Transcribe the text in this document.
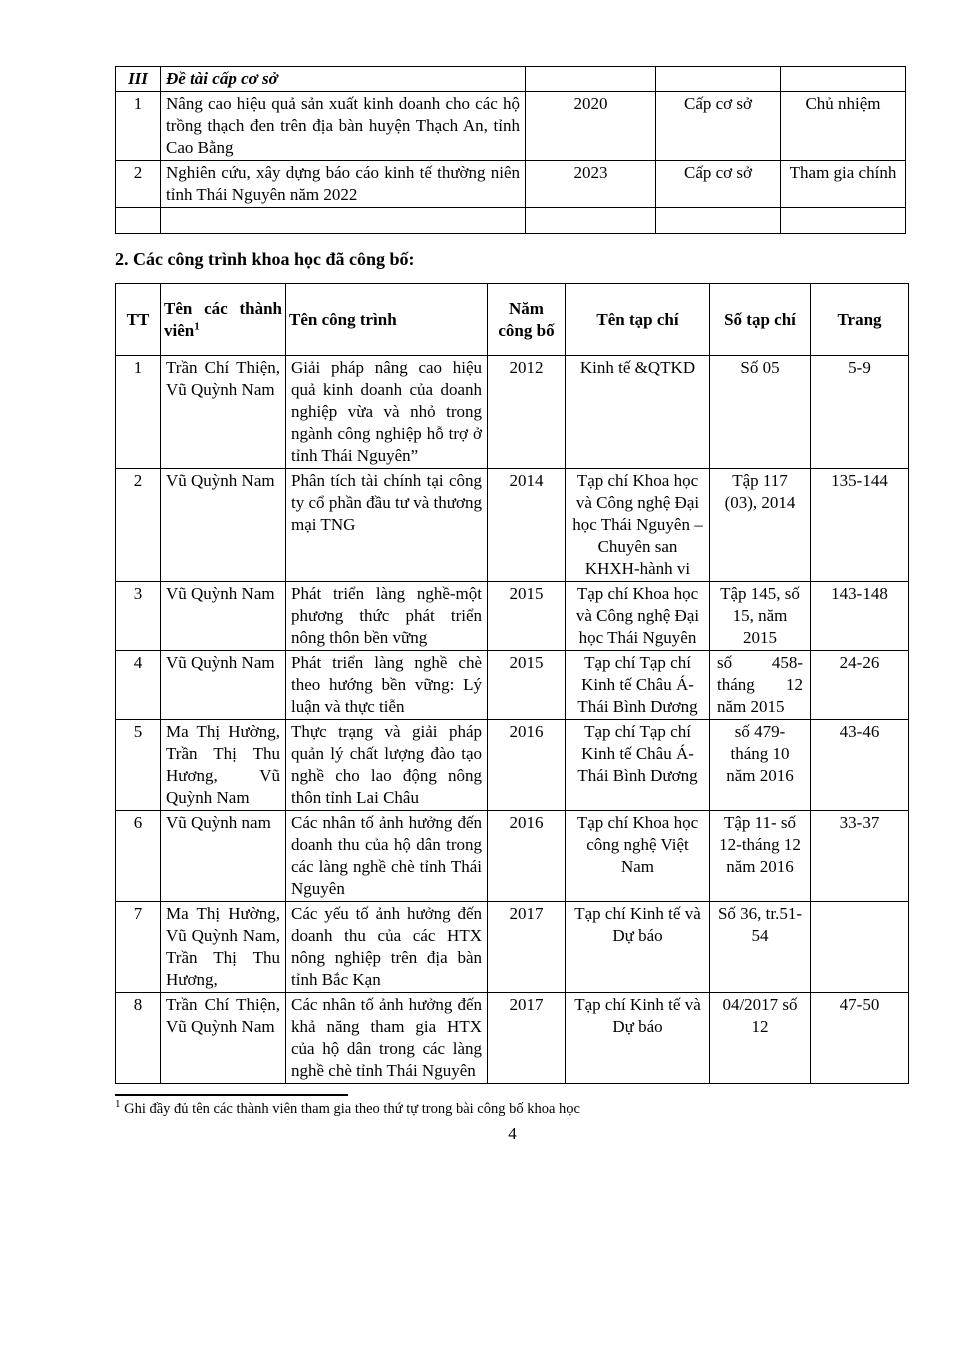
III	Đề tài cấp cơ sở			
1	Nâng cao hiệu quả sản xuất kinh doanh cho các hộ trồng thạch đen trên địa bàn huyện Thạch An, tỉnh Cao Bằng	2020	Cấp cơ sở	Chủ nhiệm
2	Nghiên cứu, xây dựng báo cáo kinh tế thường niên tỉnh Thái Nguyên năm 2022	2023	Cấp cơ sở	Tham gia chính

2. Các công trình khoa học đã công bố:
TT	Tên các thành viên$^1$	Tên công trình	Năm công bố	Tên tạp chí	Số tạp chí	Trang
1	Trần Chí Thiện, Vũ Quỳnh Nam	Giải pháp nâng cao hiệu quả kinh doanh của doanh nghiệp vừa và nhỏ trong ngành công nghiệp hỗ trợ ở tỉnh Thái Nguyên”	2012	Kinh tế &QTKD	Số 05	5-9
2	Vũ Quỳnh Nam	Phân tích tài chính tại công ty cổ phần đầu tư và thương mại TNG	2014	Tạp chí Khoa học và Công nghệ Đại học Thái Nguyên – Chuyên san KHXH-hành vi	Tập 117 (03), 2014	135-144
3	Vũ Quỳnh Nam	Phát triển làng nghề-một phương thức phát triển nông thôn bền vững	2015	Tạp chí Khoa học và Công nghệ Đại học Thái Nguyên	Tập 145, số 15, năm 2015	143-148
4	Vũ Quỳnh Nam	Phát triển làng nghề chè theo hướng bền vững: Lý luận và thực tiễn	2015	Tạp chí Tạp chí Kinh tế Châu Á- Thái Bình Dương	số 458- tháng 12 năm 2015	24-26
5	Ma Thị Hường, Trần Thị Thu Hương, Vũ Quỳnh Nam	Thực trạng và giải pháp quản lý chất lượng đào tạo nghề cho lao động nông thôn tỉnh Lai Châu	2016	Tạp chí Tạp chí Kinh tế Châu Á- Thái Bình Dương	số 479- tháng 10 năm 2016	43-46
6	Vũ Quỳnh nam	Các nhân tố ảnh hưởng đến doanh thu của hộ dân trong các làng nghề chè tỉnh Thái Nguyên	2016	Tạp chí Khoa học công nghệ Việt Nam	Tập 11- số 12-tháng 12 năm 2016	33-37
7	Ma Thị Hường, Vũ Quỳnh Nam, Trần Thị Thu Hương,	Các yếu tố ảnh hưởng đến doanh thu của các HTX nông nghiệp trên địa bàn tỉnh Bắc Kạn	2017	Tạp chí Kinh tế và Dự báo	Số 36, tr.51-54	
8	Trần Chí Thiện, Vũ Quỳnh Nam	Các nhân tố ảnh hưởng đến khả năng tham gia HTX của hộ dân trong các làng nghề chè tỉnh Thái Nguyên	2017	Tạp chí Kinh tế và Dự báo	04/2017 số 12	47-50
$^1$ Ghi đầy đủ tên các thành viên tham gia theo thứ tự trong bài công bố khoa học
4
